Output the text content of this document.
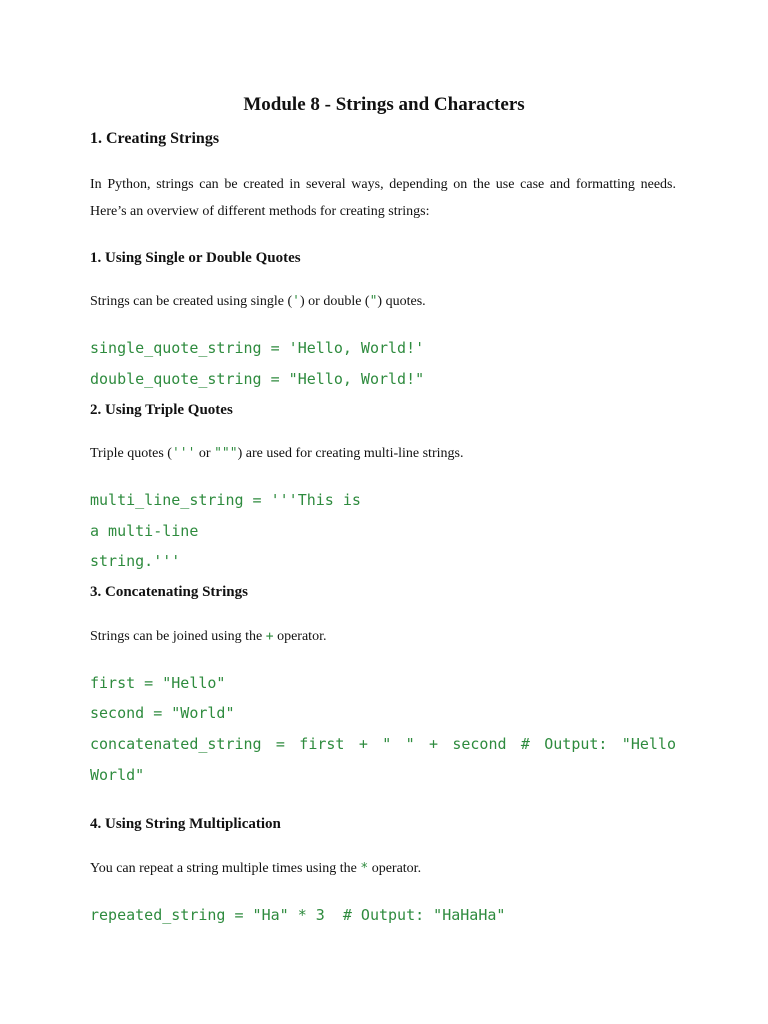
Module 8 - Strings and Characters
1. Creating Strings

In Python, strings can be created in several ways, depending on the use case and formatting needs. Here’s an overview of different methods for creating strings:

1. Using Single or Double Quotes

Strings can be created using single (') or double (") quotes.

single_quote_string = 'Hello, World!'
double_quote_string = "Hello, World!"
2. Using Triple Quotes

Triple quotes (''' or """) are used for creating multi-line strings.

multi_line_string = '''This is
a multi-line
string.'''
3. Concatenating Strings

Strings can be joined using the + operator.

first = "Hello"
second = "World"
concatenated_string = first + " " + second # Output: "Hello World"
4. Using String Multiplication

You can repeat a string multiple times using the * operator.

repeated_string = "Ha" * 3  # Output: "HaHaHa"
